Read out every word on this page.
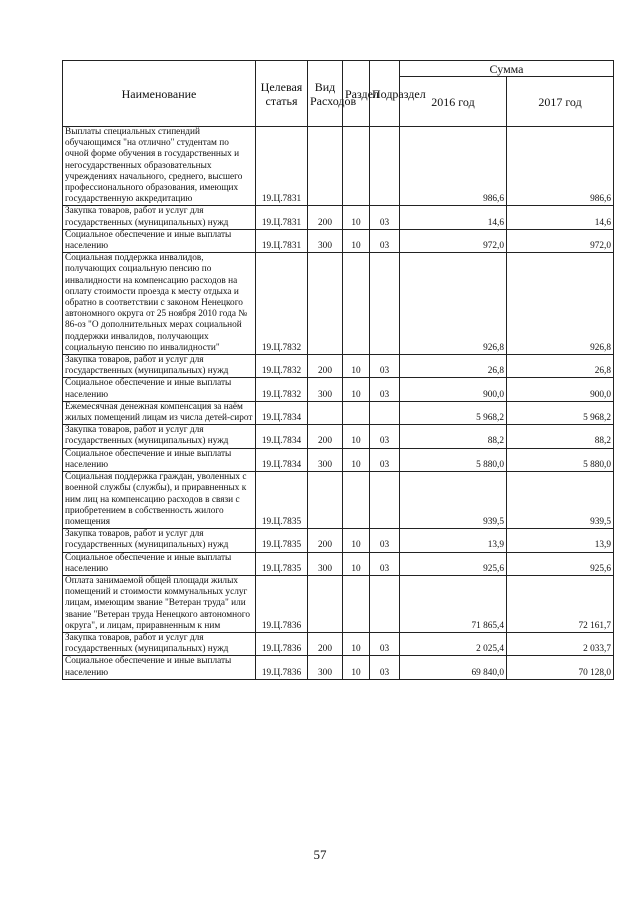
Наименование	Целевая статья	Вид Расходов	Раздел	Подраздел	Сумма	
					2016 год	2017 год
Выплаты специальных стипендий обучающимся "на отлично" студентам по очной форме обучения в государственных и негосударственных образовательных учреждениях начального, среднего, высшего профессионального образования, имеющих государственную аккредитацию	19.Ц.7831				986,6	986,6
Закупка товаров, работ и услуг для государственных (муниципальных) нужд	19.Ц.7831	200	10	03	14,6	14,6
Социальное обеспечение и иные выплаты населению	19.Ц.7831	300	10	03	972,0	972,0
Социальная поддержка инвалидов, получающих социальную пенсию по инвалидности на компенсацию расходов на оплату стоимости проезда к месту отдыха и обратно в соответствии с законом Ненецкого автономного округа от 25 ноября 2010 года № 86-оз "О дополнительных мерах социальной поддержки инвалидов, получающих социальную пенсию по инвалидности"	19.Ц.7832				926,8	926,8
Закупка товаров, работ и услуг для государственных (муниципальных) нужд	19.Ц.7832	200	10	03	26,8	26,8
Социальное обеспечение и иные выплаты населению	19.Ц.7832	300	10	03	900,0	900,0
Ежемесячная денежная компенсация за наём жилых помещений лицам из числа детей-сирот	19.Ц.7834				5 968,2	5 968,2
Закупка товаров, работ и услуг для государственных (муниципальных) нужд	19.Ц.7834	200	10	03	88,2	88,2
Социальное обеспечение и иные выплаты населению	19.Ц.7834	300	10	03	5 880,0	5 880,0
Социальная поддержка граждан, уволенных с военной службы (службы), и приравненных к ним лиц на компенсацию расходов в связи с приобретением в собственность жилого помещения	19.Ц.7835				939,5	939,5
Закупка товаров, работ и услуг для государственных (муниципальных) нужд	19.Ц.7835	200	10	03	13,9	13,9
Социальное обеспечение и иные выплаты населению	19.Ц.7835	300	10	03	925,6	925,6
Оплата занимаемой общей площади жилых помещений и стоимости коммунальных услуг лицам, имеющим звание "Ветеран труда" или звание "Ветеран труда Ненецкого автономного округа", и лицам, приравненным к ним	19.Ц.7836				71 865,4	72 161,7
Закупка товаров, работ и услуг для государственных (муниципальных) нужд	19.Ц.7836	200	10	03	2 025,4	2 033,7
Социальное обеспечение и иные выплаты населению	19.Ц.7836	300	10	03	69 840,0	70 128,0
57
